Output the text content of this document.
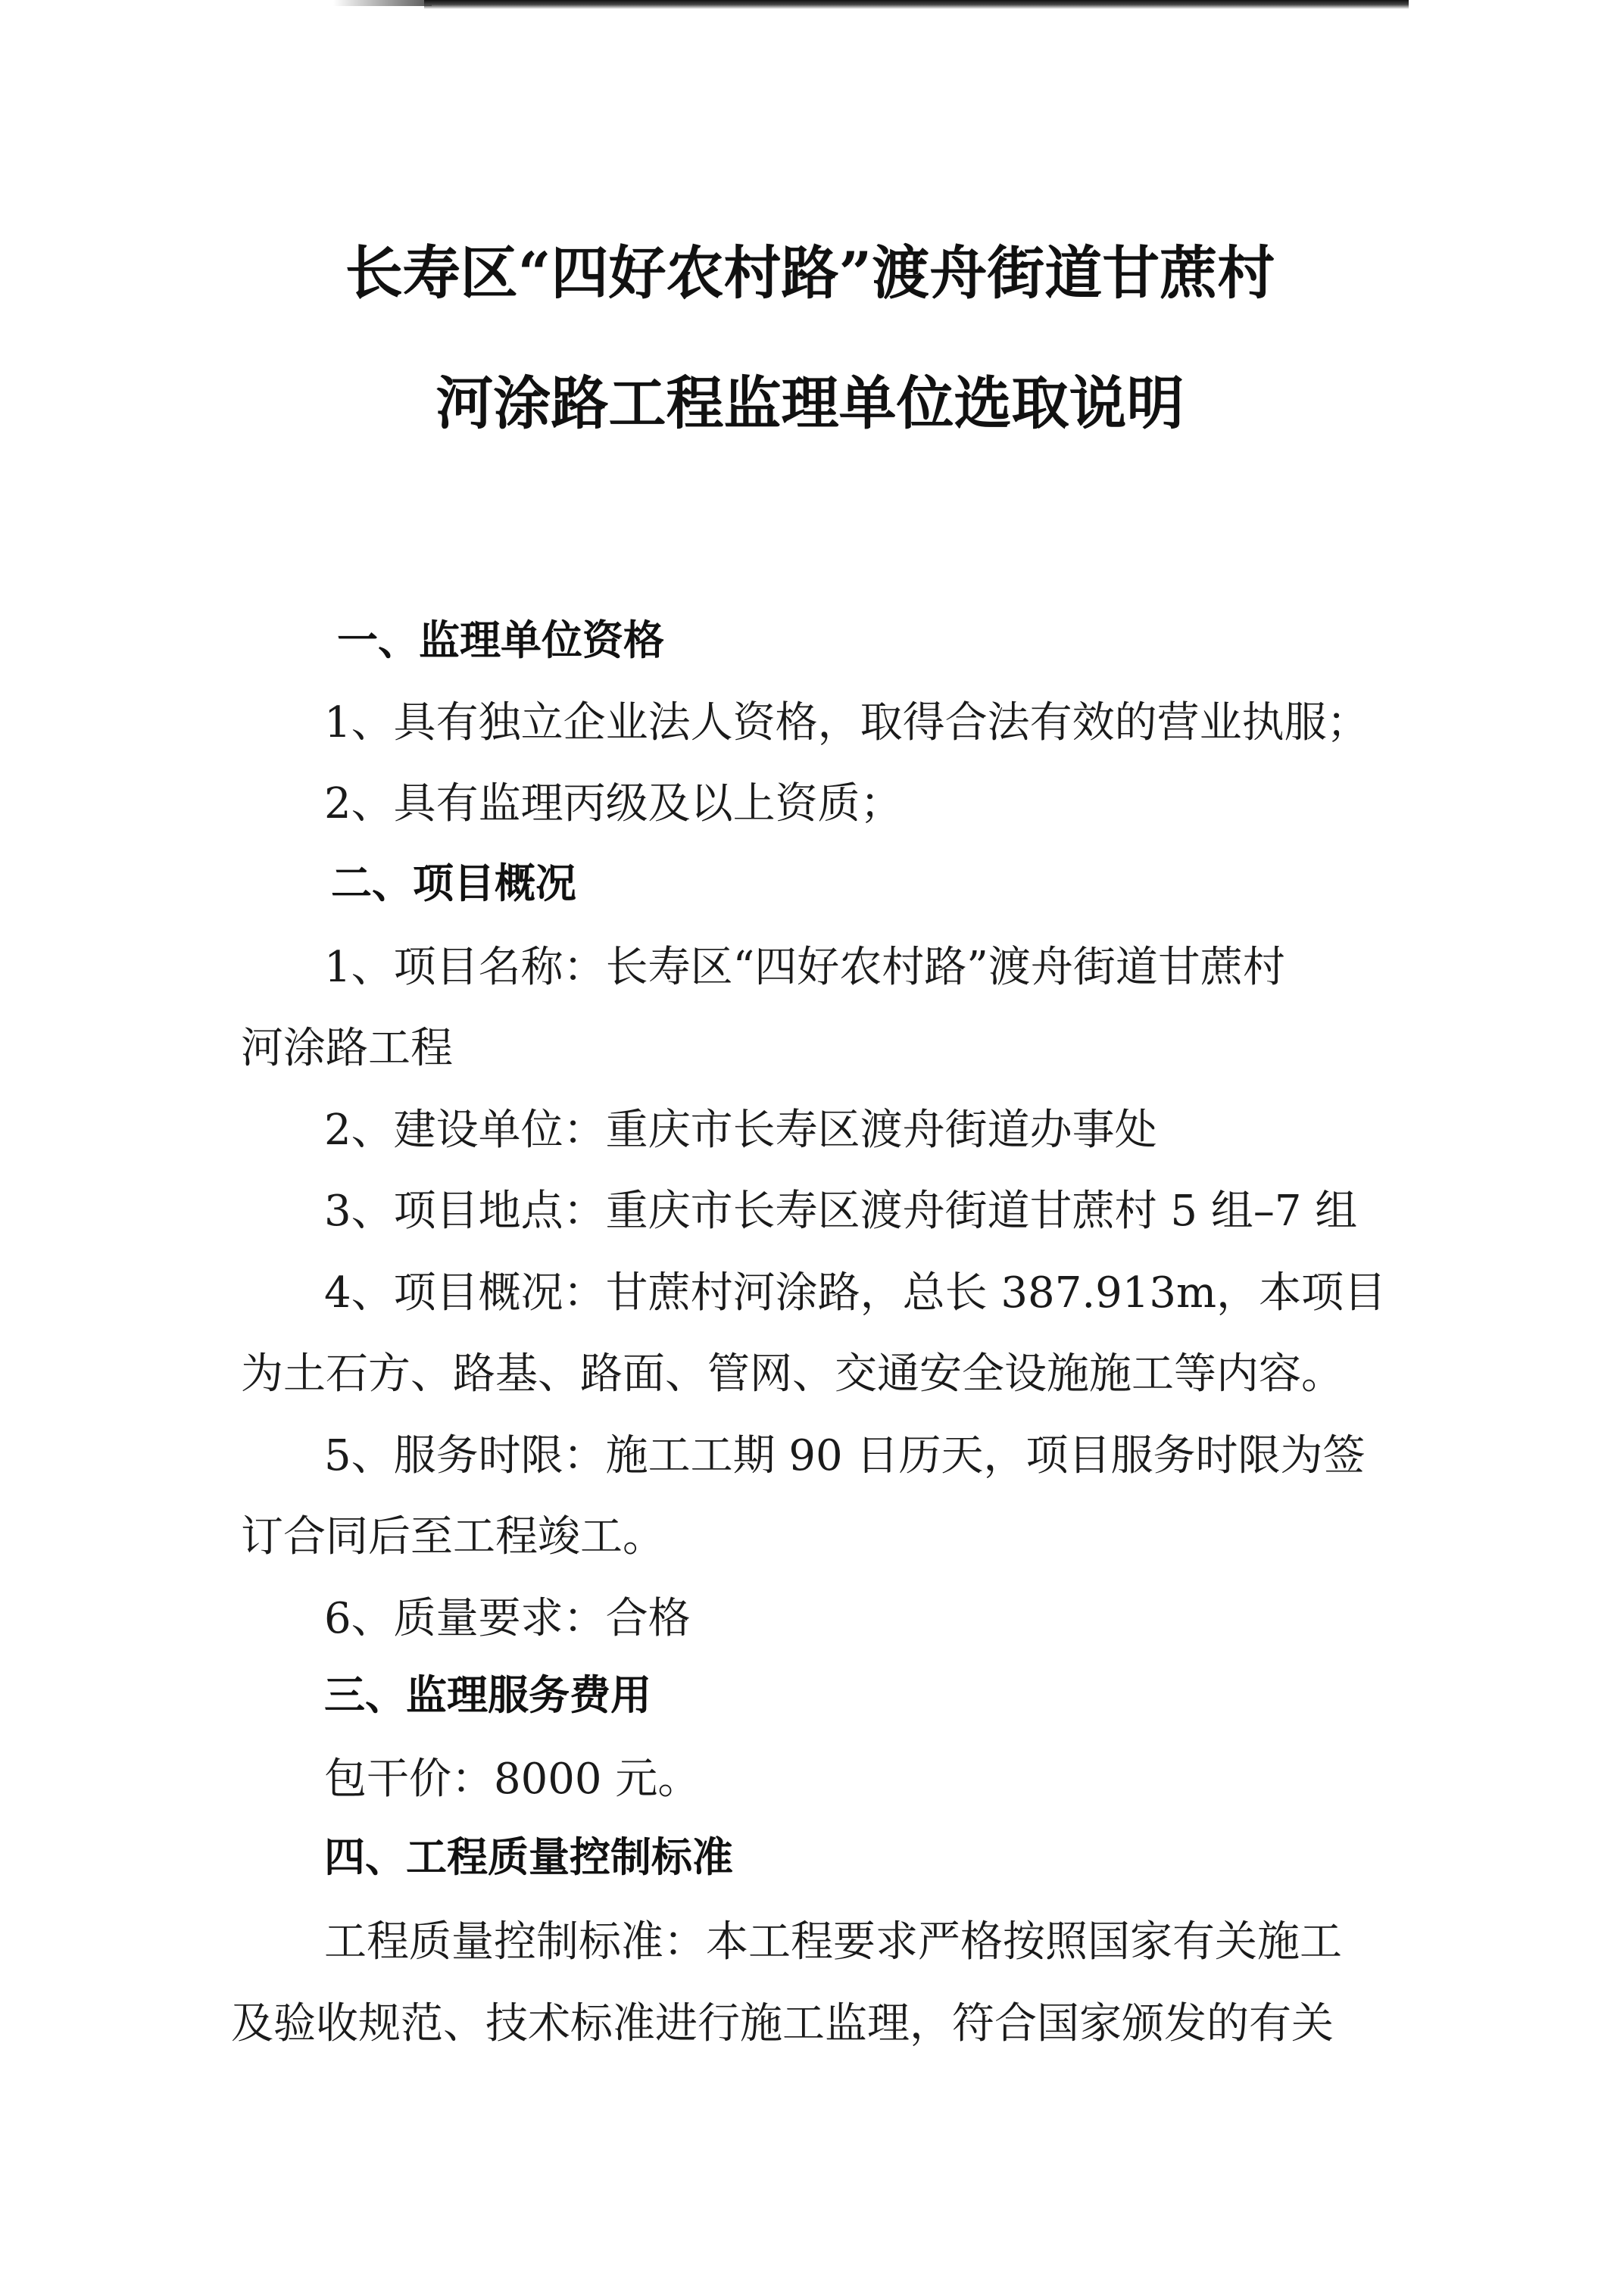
长寿区“四好农村路”渡舟街道甘蔗村
河涂路工程监理单位选取说明
一、监理单位资格
1、具有独立企业法人资格，取得合法有效的营业执服；
2、具有监理丙级及以上资质；
二、项目概况
1、项目名称：长寿区“四好农村路”渡舟街道甘蔗村
河涂路工程
2、建设单位：重庆市长寿区渡舟街道办事处
3、项目地点：重庆市长寿区渡舟街道甘蔗村 5 组–7 组
4、项目概况：甘蔗村河涂路，总长 387.913m，本项目
为土石方、路基、路面、管网、交通安全设施施工等内容。
5、服务时限：施工工期 90 日历天，项目服务时限为签
订合同后至工程竣工。
6、质量要求：合格
三、监理服务费用
包干价：8000 元。
四、工程质量控制标准
工程质量控制标准：本工程要求严格按照国家有关施工
及验收规范、技术标准进行施工监理，符合国家颁发的有关
